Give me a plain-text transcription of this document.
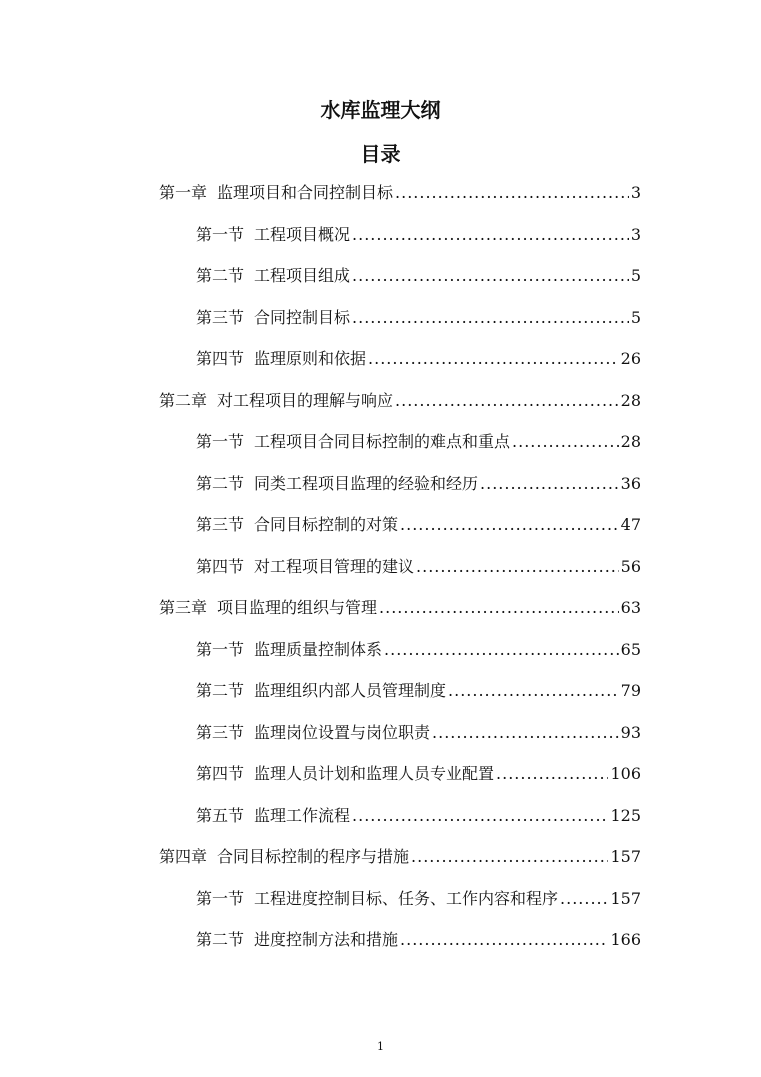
水库监理大纲
目录
第一章 监理项目和合同控制目标 .....	3
第一节 工程项目概况 .....	3
第二节 工程项目组成 .....	5
第三节 合同控制目标 .....	5
第四节 监理原则和依据 .....	26
第二章 对工程项目的理解与响应 .....	28
第一节 工程项目合同目标控制的难点和重点 .....	28
第二节 同类工程项目监理的经验和经历 .....	36
第三节 合同目标控制的对策 .....	47
第四节 对工程项目管理的建议 .....	56
第三章 项目监理的组织与管理 .....	63
第一节 监理质量控制体系 .....	65
第二节 监理组织内部人员管理制度 .....	79
第三节 监理岗位设置与岗位职责 .....	93
第四节 监理人员计划和监理人员专业配置 .....	106
第五节 监理工作流程 .....	125
第四章 合同目标控制的程序与措施 .....	157
第一节 工程进度控制目标、任务、工作内容和程序 .....	157
第二节 进度控制方法和措施 .....	166
1
